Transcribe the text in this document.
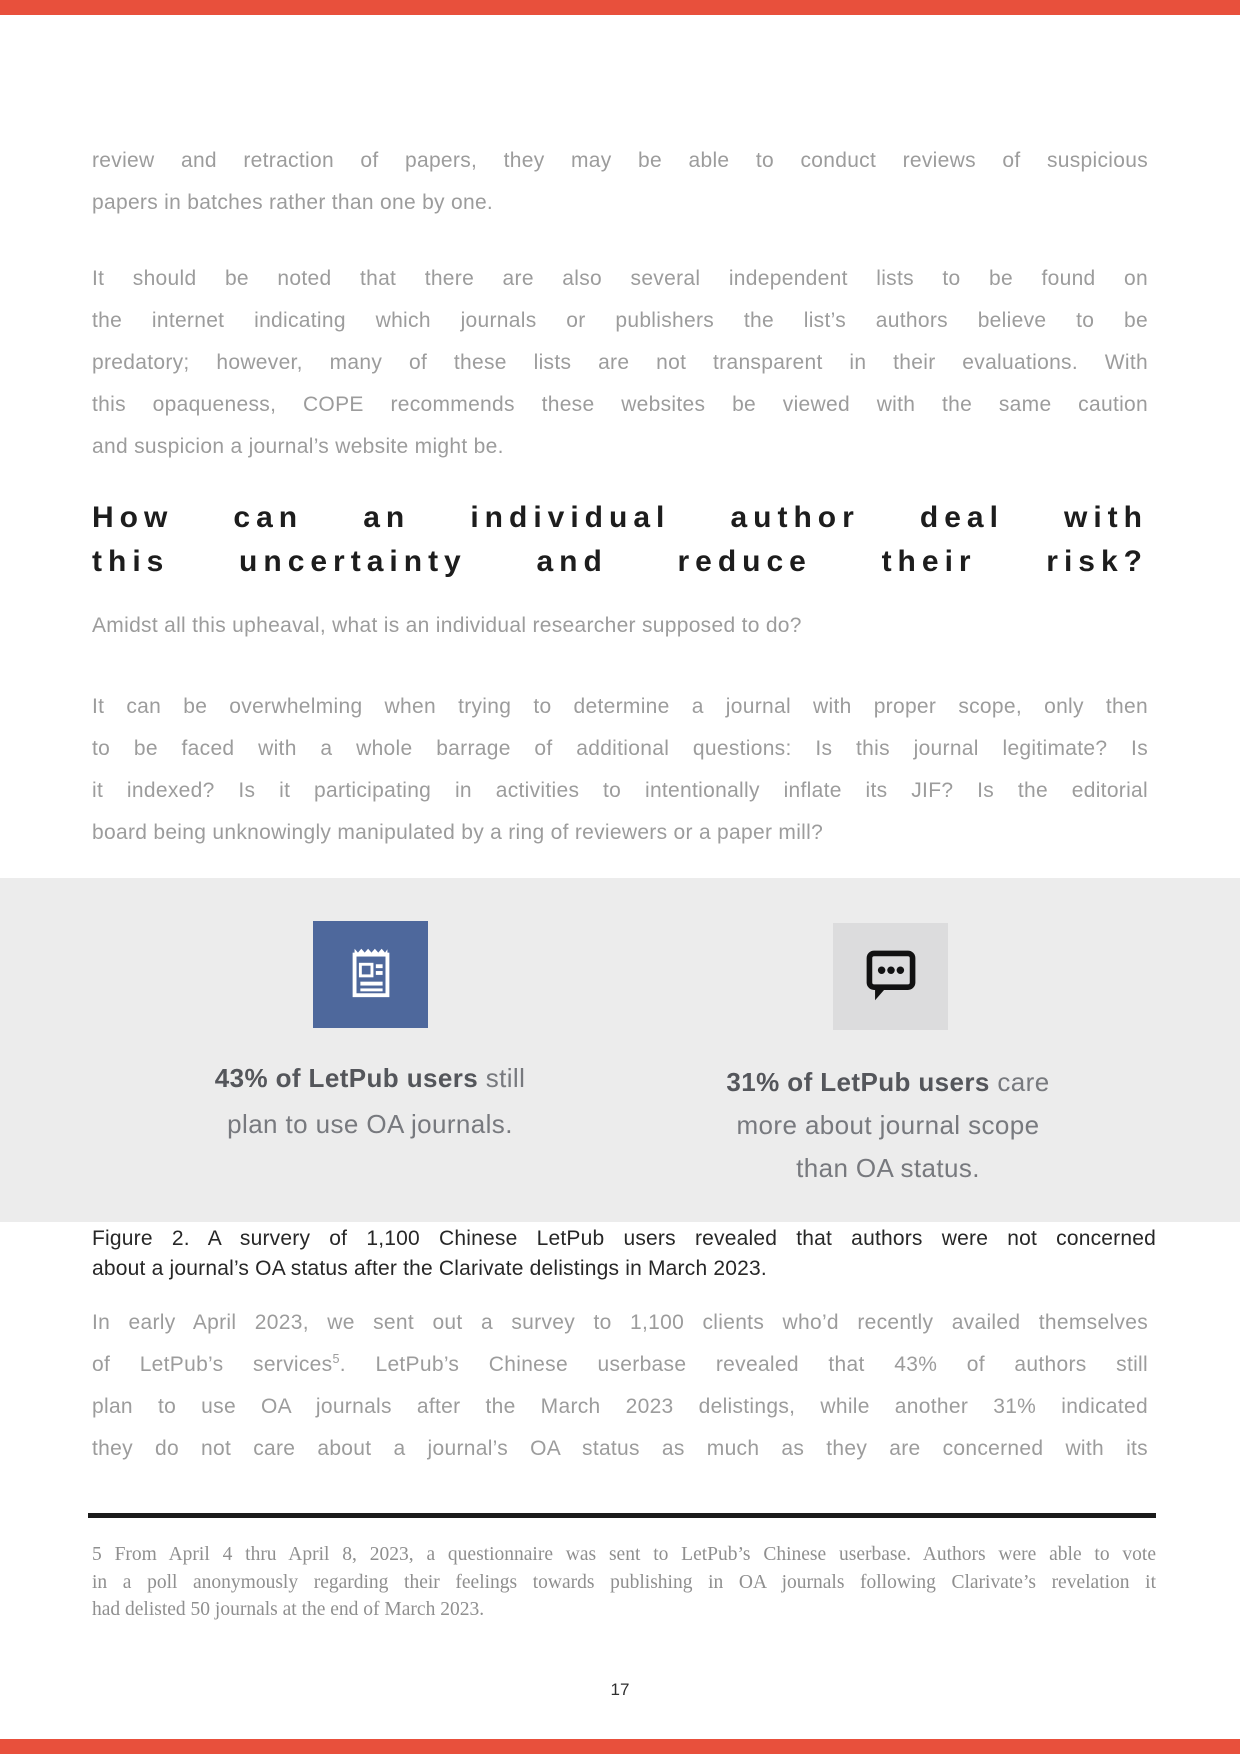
review and retraction of papers, they may be able to conduct reviews of suspicious
papers in batches rather than one by one.
It should be noted that there are also several independent lists to be found on
the internet indicating which journals or publishers the list’s authors believe to be
predatory; however, many of these lists are not transparent in their evaluations. With
this opaqueness, COPE recommends these websites be viewed with the same caution
and suspicion a journal’s website might be.
How can an individual author deal with
this uncertainty and reduce their risk?
Amidst all this upheaval, what is an individual researcher supposed to do?
It can be overwhelming when trying to determine a journal with proper scope, only then
to be faced with a whole barrage of additional questions: Is this journal legitimate? Is
it indexed? Is it participating in activities to intentionally inflate its JIF? Is the editorial
board being unknowingly manipulated by a ring of reviewers or a paper mill?
43% of LetPub users still
plan to use OA journals.
31% of LetPub users care
more about journal scope
than OA status.
Figure 2. A survery of 1,100 Chinese LetPub users revealed that authors were not concerned
about a journal’s OA status after the Clarivate delistings in March 2023.
In early April 2023, we sent out a survey to 1,100 clients who’d recently availed themselves
of LetPub’s services$^5$. LetPub’s Chinese userbase revealed that 43% of authors still
plan to use OA journals after the March 2023 delistings, while another 31% indicated
they do not care about a journal’s OA status as much as they are concerned with its
5 From April 4 thru April 8, 2023, a questionnaire was sent to LetPub’s Chinese userbase. Authors were able to vote
in a poll anonymously regarding their feelings towards publishing in OA journals following Clarivate’s revelation it
had delisted 50 journals at the end of March 2023.
17
